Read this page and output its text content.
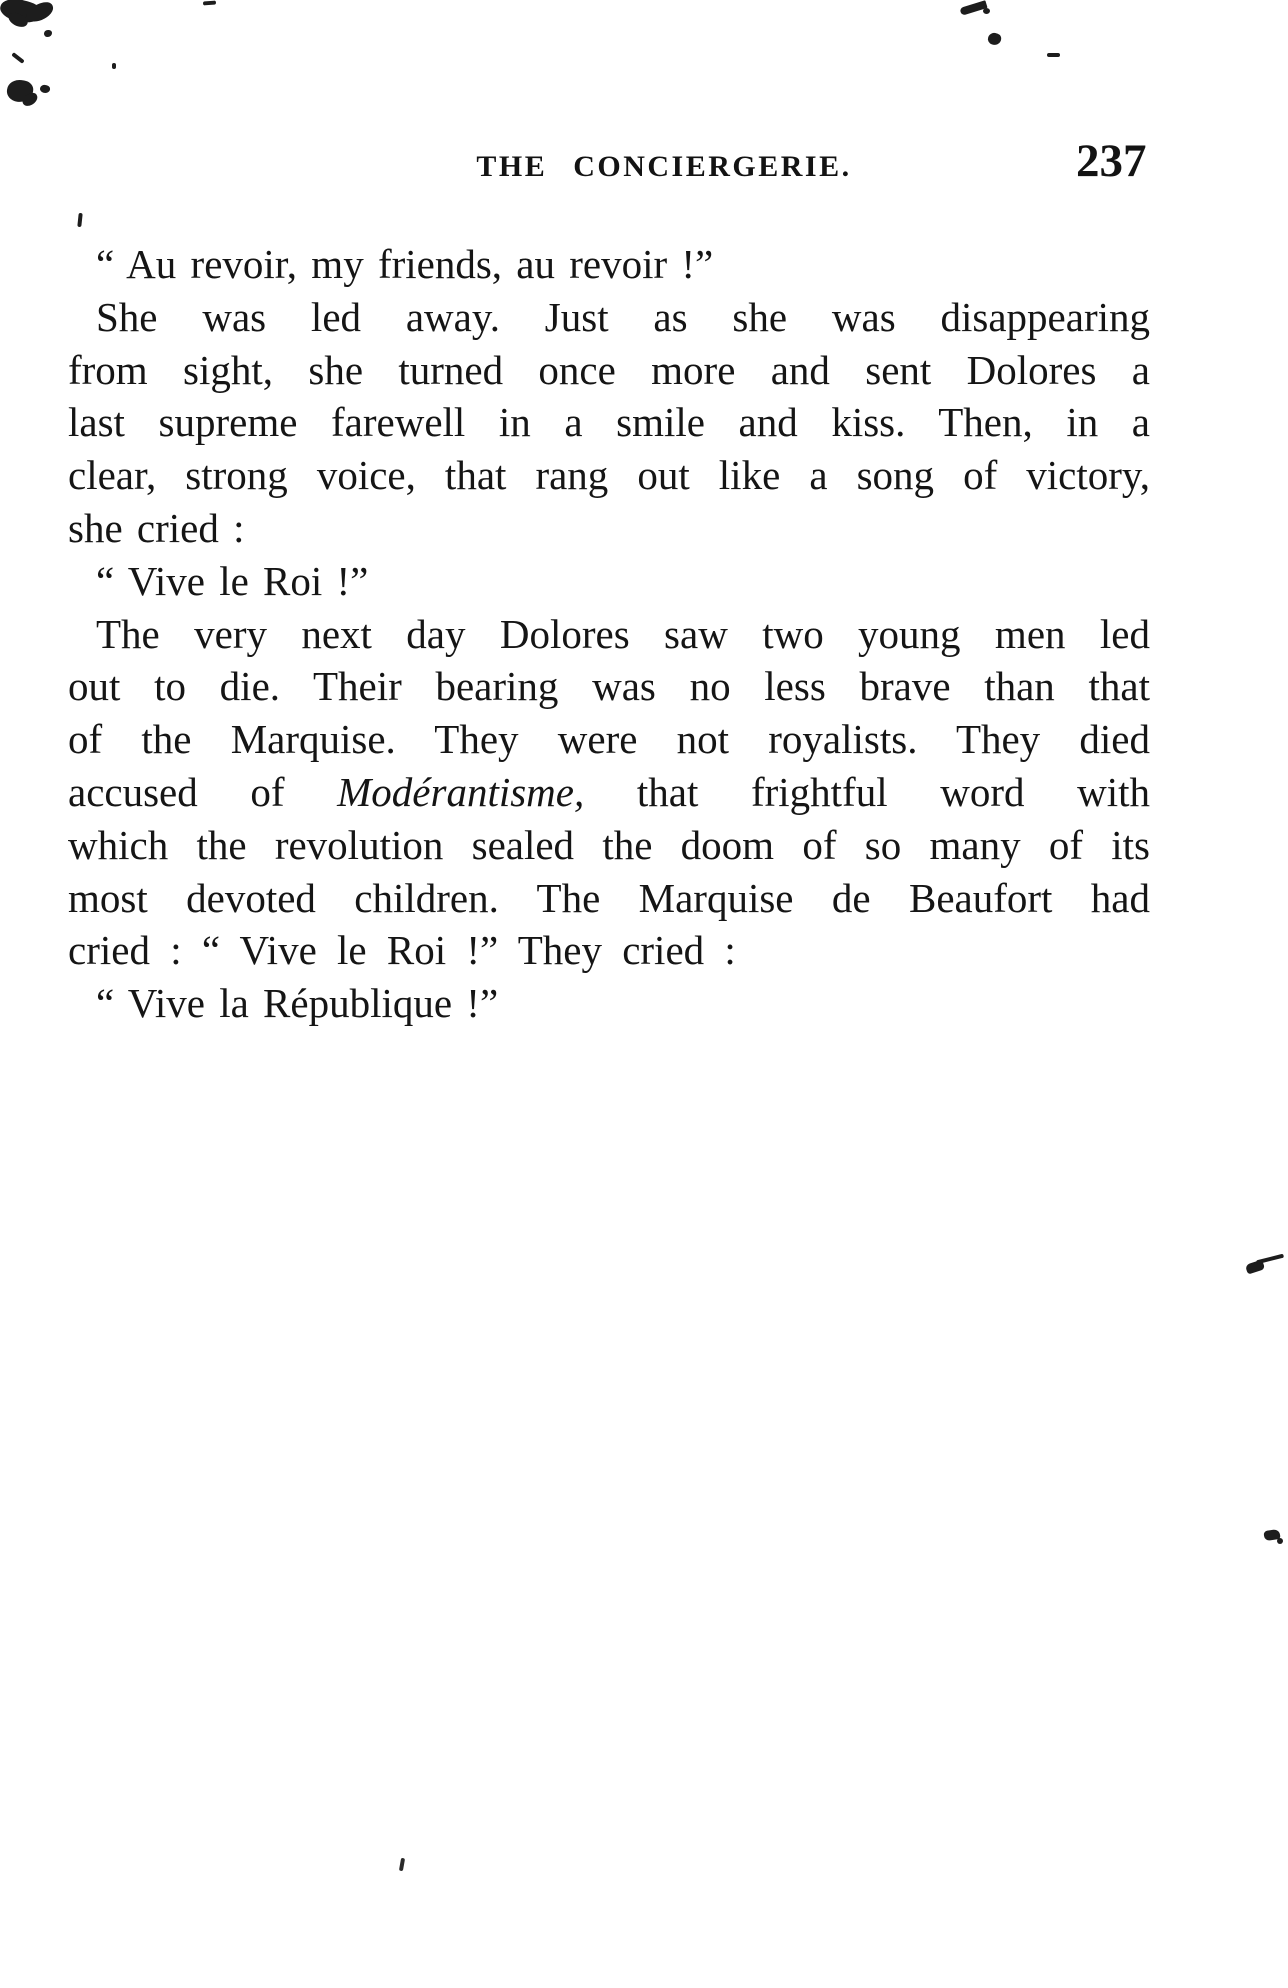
THE CONCIERGERIE.	237
“ Au revoir, my friends, au revoir !”
She was led away. Just as she was disappearing
from sight, she turned once more and sent Dolores a
last supreme farewell in a smile and kiss. Then, in a
clear, strong voice, that rang out like a song of victory,
she cried :
“ Vive le Roi !”
The very next day Dolores saw two young men led
out to die. Their bearing was no less brave than that
of the Marquise. They were not royalists. They died
accused of Modérantisme, that frightful word with
which the revolution sealed the doom of so many of its
most devoted children. The Marquise de Beaufort had
cried : “ Vive le Roi !” They cried :
“ Vive la République !”
